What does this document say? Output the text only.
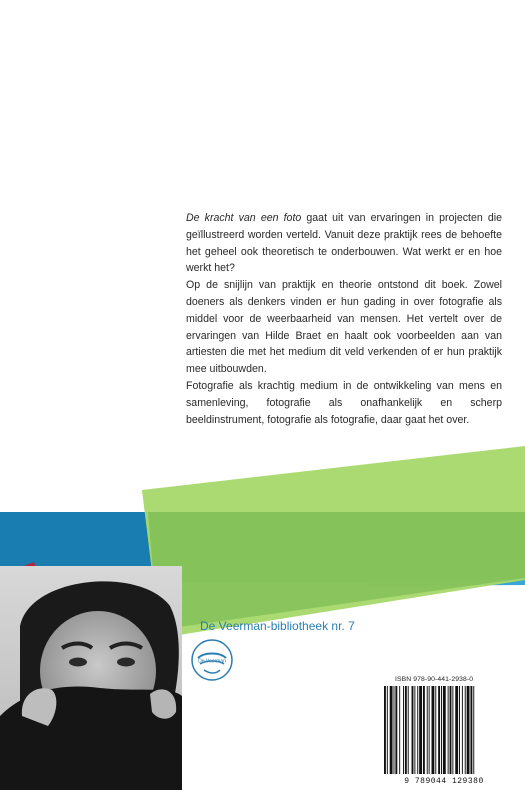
De kracht van een foto gaat uit van ervaringen in projecten die geïllustreerd worden verteld. Vanuit deze praktijk rees de behoefte het geheel ook theoretisch te onderbouwen. Wat werkt er en hoe werkt het?

Op de snijlijn van praktijk en theorie ontstond dit boek. Zowel doeners als denkers vinden er hun gading in over fotografie als middel voor de weerbaarheid van mensen. Het vertelt over de ervaringen van Hilde Braet en haalt ook voorbeelden aan van artiesten die met het medium dit veld verkenden of er hun praktijk mee uitbouwden.

Fotografie als krachtig medium in de ontwikkeling van mens en samenleving, fotografie als onafhankelijk en scherp beeldinstrument, fotografie als fotografie, daar gaat het over.

De Veerman-bibliotheek nr. 7
De Veerman
ISBN 978-90-441-2938-0
9 789044 129380
